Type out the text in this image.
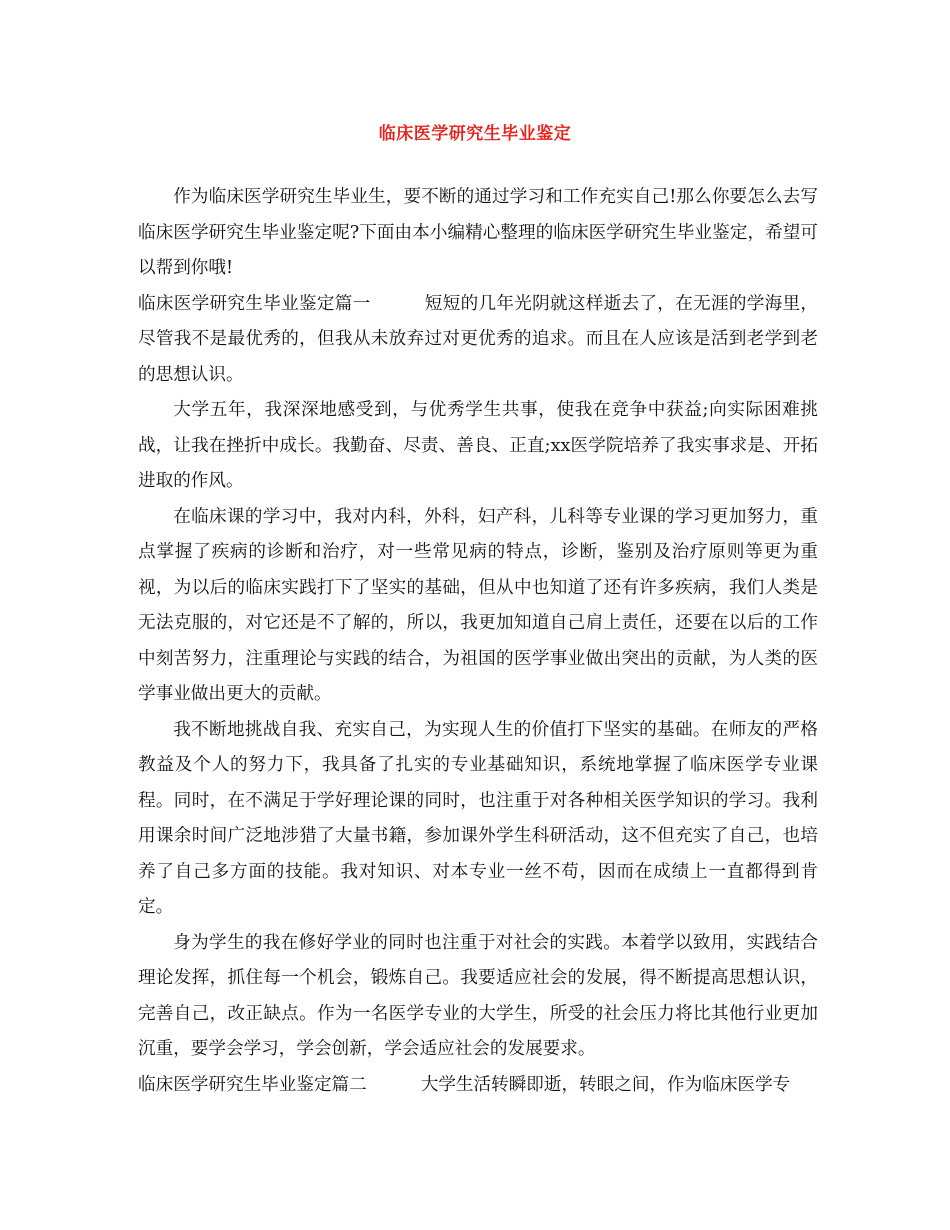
临床医学研究生毕业鉴定

作为临床医学研究生毕业生，要不断的通过学习和工作充实自己!那么你要怎么去写临床医学研究生毕业鉴定呢?下面由本小编精心整理的临床医学研究生毕业鉴定，希望可以帮到你哦!

临床医学研究生毕业鉴定篇一	短短的几年光阴就这样逝去了，在无涯的学海里，尽管我不是最优秀的，但我从未放弃过对更优秀的追求。而且在人应该是活到老学到老的思想认识。

大学五年，我深深地感受到，与优秀学生共事，使我在竞争中获益;向实际困难挑战，让我在挫折中成长。我勤奋、尽责、善良、正直;xx医学院培养了我实事求是、开拓进取的作风。

在临床课的学习中，我对内科，外科，妇产科，儿科等专业课的学习更加努力，重点掌握了疾病的诊断和治疗，对一些常见病的特点，诊断，鉴别及治疗原则等更为重视，为以后的临床实践打下了坚实的基础，但从中也知道了还有许多疾病，我们人类是无法克服的，对它还是不了解的，所以，我更加知道自己肩上责任，还要在以后的工作中刻苦努力，注重理论与实践的结合，为祖国的医学事业做出突出的贡献，为人类的医学事业做出更大的贡献。

我不断地挑战自我、充实自己，为实现人生的价值打下坚实的基础。在师友的严格教益及个人的努力下，我具备了扎实的专业基础知识，系统地掌握了临床医学专业课程。同时，在不满足于学好理论课的同时，也注重于对各种相关医学知识的学习。我利用课余时间广泛地涉猎了大量书籍，参加课外学生科研活动，这不但充实了自己，也培养了自己多方面的技能。我对知识、对本专业一丝不苟，因而在成绩上一直都得到肯定。

身为学生的我在修好学业的同时也注重于对社会的实践。本着学以致用，实践结合理论发挥，抓住每一个机会，锻炼自己。我要适应社会的发展，得不断提高思想认识，完善自己，改正缺点。作为一名医学专业的大学生，所受的社会压力将比其他行业更加沉重，要学会学习，学会创新，学会适应社会的发展要求。

临床医学研究生毕业鉴定篇二	大学生活转瞬即逝，转眼之间，作为临床医学专
